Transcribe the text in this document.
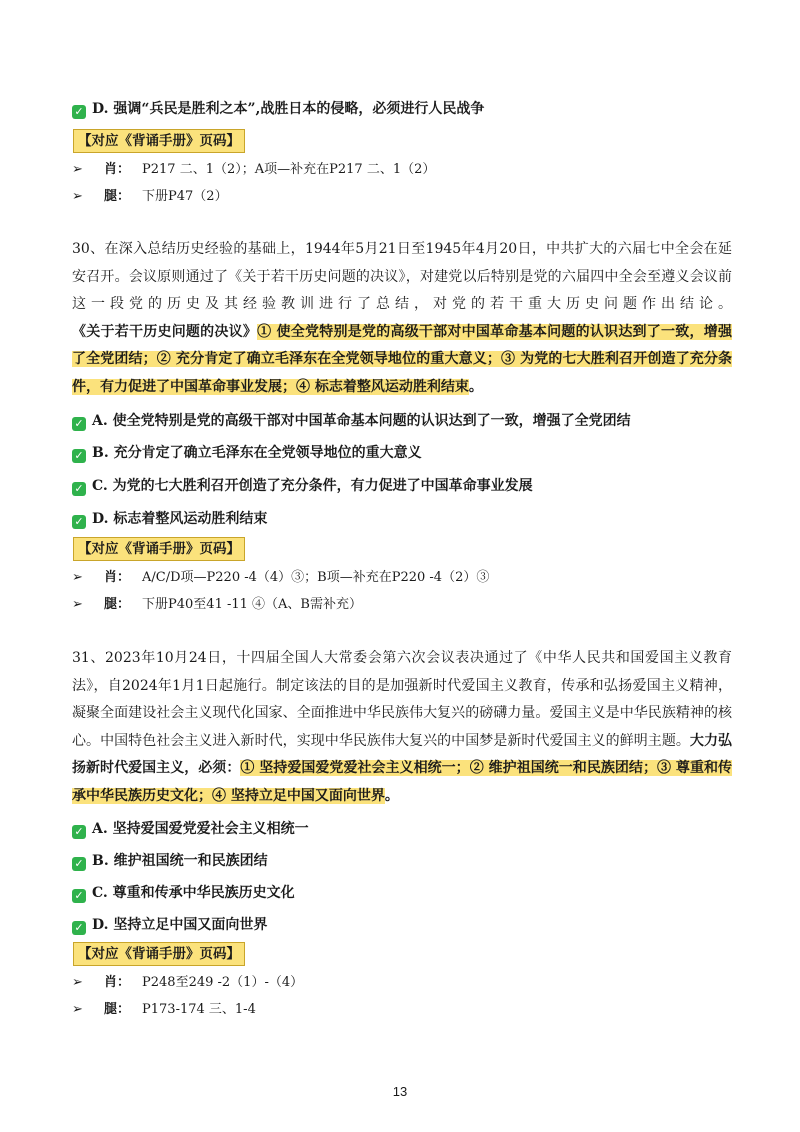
✓ D. 强调“兵民是胜利之本”,战胜日本的侵略，必须进行人民战争
【对应《背诵手册》页码】
➢ 肖： P217 二、1（2）；A项—补充在P217 二、1（2）
➢ 腿： 下册P47（2）
30、在深入总结历史经验的基础上，1944年5月21日至1945年4月20日，中共扩大的六届七中全会在延安召开。会议原则通过了《关于若干历史问题的决议》，对建党以后特别是党的六届四中全会至遵义会议前这一段党的历史及其经验教训进行了总结，对党的若干重大历史问题作出结论。《关于若干历史问题的决议》① 使全党特别是党的高级干部对中国革命基本问题的认识达到了一致，增强了全党团结；② 充分肯定了确立毛泽东在全党领导地位的重大意义；③ 为党的七大胜利召开创造了充分条件，有力促进了中国革命事业发展；④ 标志着整风运动胜利结束。
✓ A. 使全党特别是党的高级干部对中国革命基本问题的认识达到了一致，增强了全党团结
✓ B. 充分肯定了确立毛泽东在全党领导地位的重大意义
✓ C. 为党的七大胜利召开创造了充分条件，有力促进了中国革命事业发展
✓ D. 标志着整风运动胜利结束
【对应《背诵手册》页码】
➢ 肖： A/C/D项—P220 -4（4）③；B项—补充在P220 -4（2）③
➢ 腿： 下册P40至41 -11 ④（A、B需补充）
31、2023年10月24日，十四届全国人大常委会第六次会议表决通过了《中华人民共和国爱国主义教育法》，自2024年1月1日起施行。制定该法的目的是加强新时代爱国主义教育，传承和弘扬爱国主义精神，凝聚全面建设社会主义现代化国家、全面推进中华民族伟大复兴的磅礴力量。爱国主义是中华民族精神的核心。中国特色社会主义进入新时代，实现中华民族伟大复兴的中国梦是新时代爱国主义的鲜明主题。大力弘扬新时代爱国主义，必须：① 坚持爱国爱党爱社会主义相统一；② 维护祖国统一和民族团结；③ 尊重和传承中华民族历史文化；④ 坚持立足中国又面向世界。
✓ A. 坚持爱国爱党爱社会主义相统一
✓ B. 维护祖国统一和民族团结
✓ C. 尊重和传承中华民族历史文化
✓ D. 坚持立足中国又面向世界
【对应《背诵手册》页码】
➢ 肖： P248至249 -2（1）-（4）
➢ 腿： P173-174 三、1-4
13
